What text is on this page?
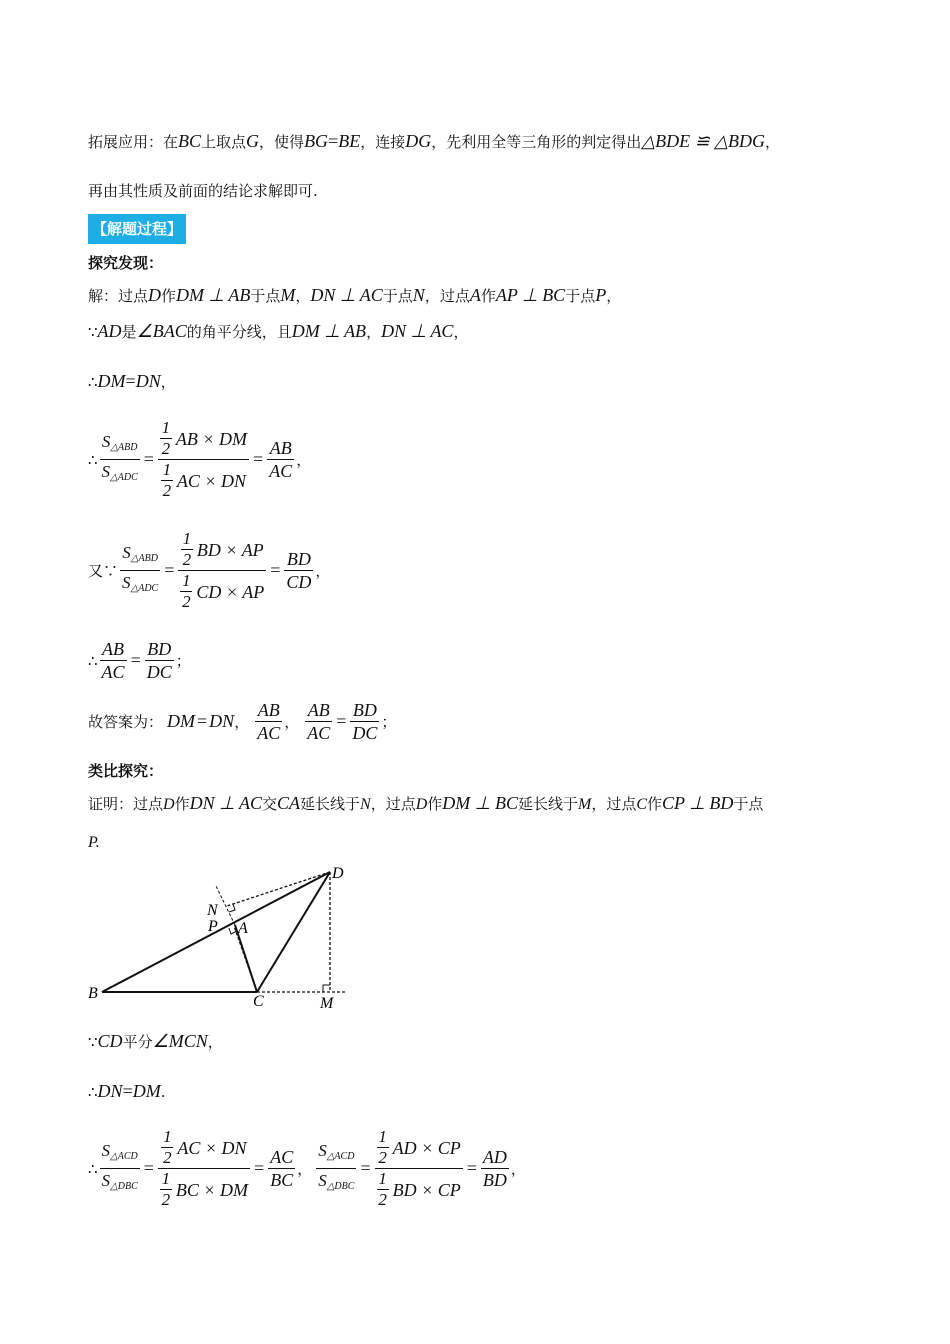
拓展应用：在BC上取点G，使得BG=BE，连接DG，先利用全等三角形的判定得出△BDE ≌ △BDG，
再由其性质及前面的结论求解即可.
【解题过程】
探究发现：
解：过点D作DM ⊥ AB于点M，DN ⊥ AC于点N，过点A作AP ⊥ BC于点P，
∵AD是∠BAC的角平分线，且DM ⊥ AB，DN ⊥ AC，
∴DM=DN，
∴ $\frac{S_{\triangle ABD}}{S_{\triangle ADC}} = 1$
2 AB × DM
1
2 AC × DN = $\frac{AB}{AC}$ ，
又∵ $\frac{S_{\triangle ABD}}{S_{\triangle ADC}} = 1$
2 BD × AP
1
2 CD × AP = $\frac{BD}{CD}$ ，
∴ $\frac{AB}{AC} = \frac{BD}{DC}$ ；
故答案为： DM = DN ， $\frac{AB}{AC}$ ， $\frac{AB}{AC} = \frac{BD}{DC}$ ；
类比探究：
证明：过点D作DN ⊥ AC交CA延长线于N，过点D作DM ⊥ BC延长线于M，过点C作CP ⊥ BD于点
P.
D
N
P A
B	C	M
∵CD平分∠MCN，
∴DN=DM.
∴ $\frac{S_{\triangle ACD}}{S_{\triangle DBC}} = 1$
2 AC × DN
1
2 BC × DM = $\frac{AC}{BC}$ ， $\frac{S_{\triangle ACD}}{S_{\triangle DBC}} = 1$
2 AD × CP
1
2 BD × CP = $\frac{AD}{BD}$ ，
